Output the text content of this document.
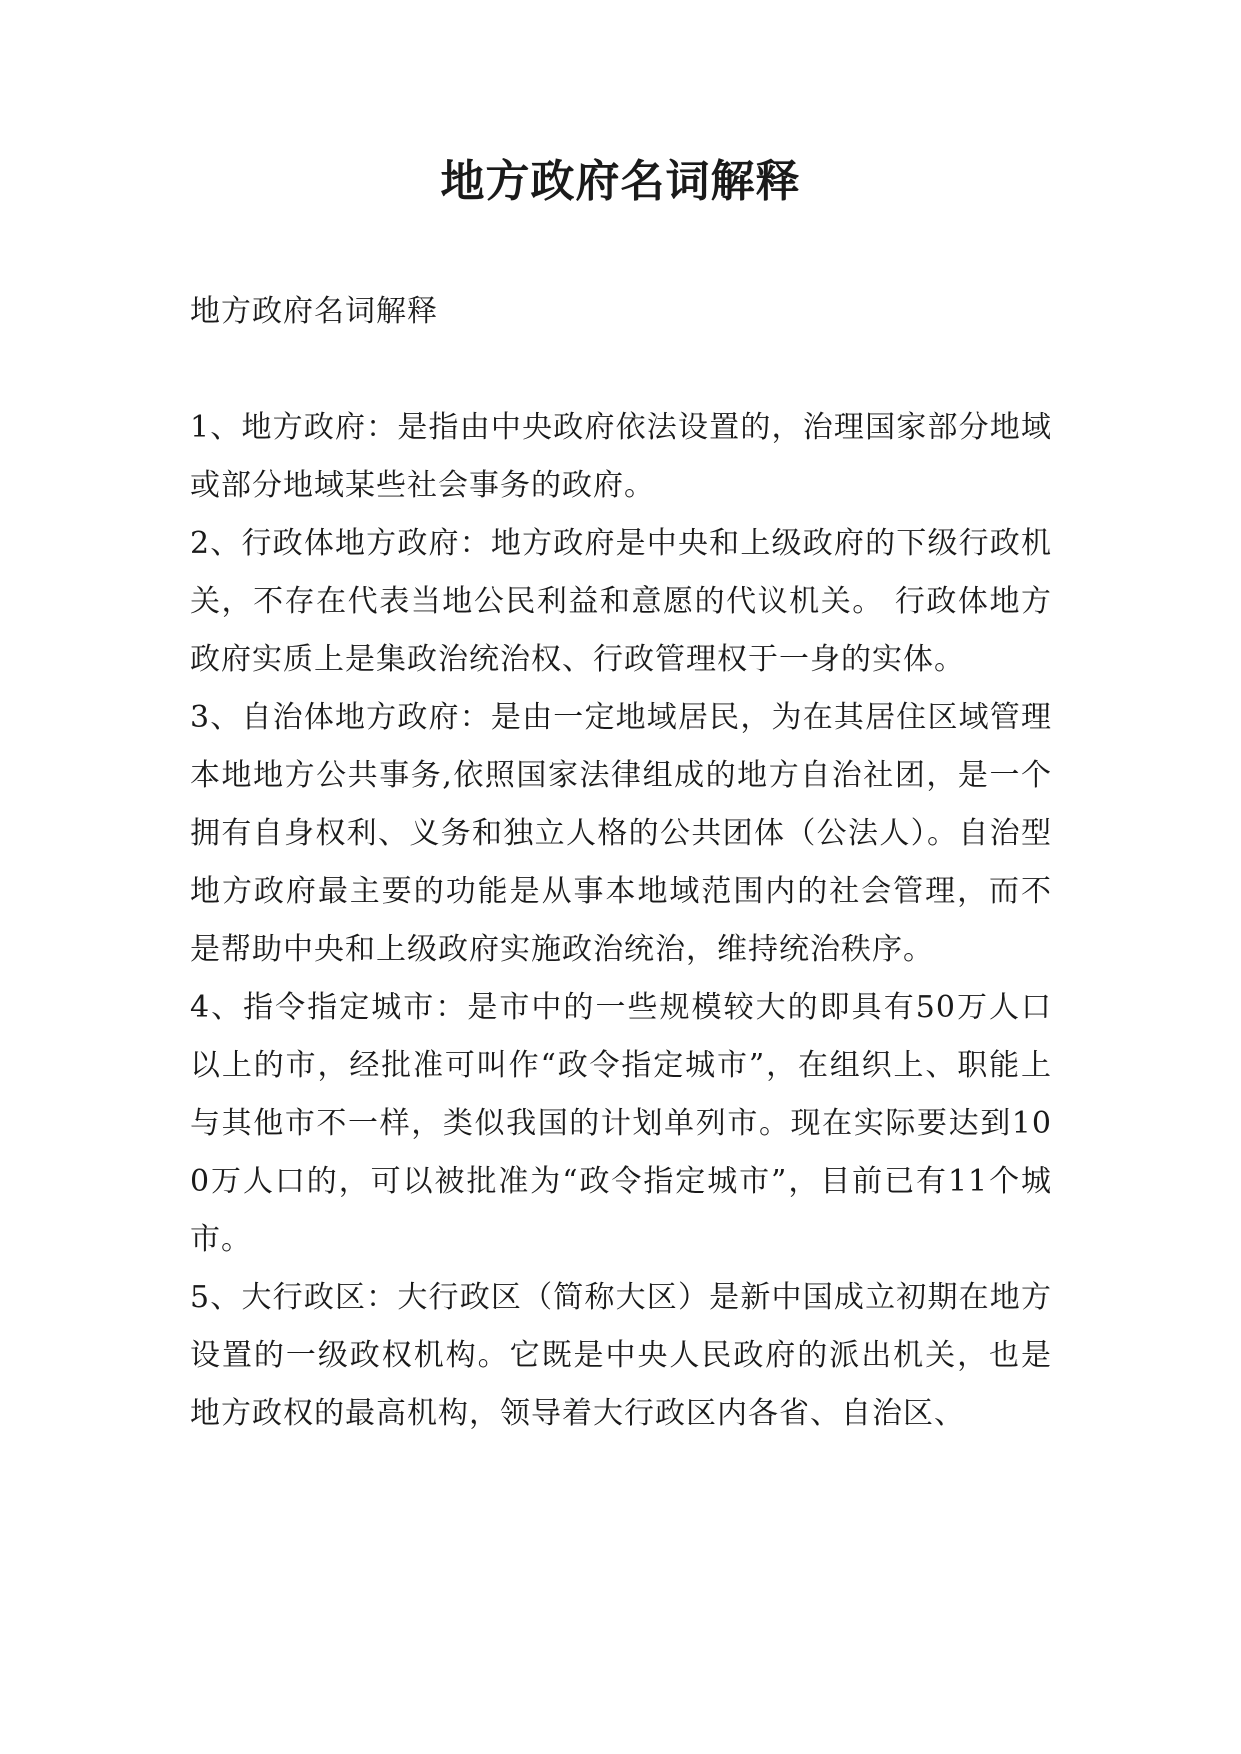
地方政府名词解释

地方政府名词解释

1、地方政府：是指由中央政府依法设置的，治理国家部分地域或部分地域某些社会事务的政府。

2、行政体地方政府：地方政府是中央和上级政府的下级行政机关，不存在代表当地公民利益和意愿的代议机关。 行政体地方政府实质上是集政治统治权、行政管理权于一身的实体。

3、自治体地方政府：是由一定地域居民，为在其居住区域管理本地地方公共事务,依照国家法律组成的地方自治社团，是一个拥有自身权利、义务和独立人格的公共团体（公法人）。自治型地方政府最主要的功能是从事本地域范围内的社会管理，而不是帮助中央和上级政府实施政治统治，维持统治秩序。

4、指令指定城市：是市中的一些规模较大的即具有50万人口以上的市，经批准可叫作“政令指定城市”，在组织上、职能上与其他市不一样，类似我国的计划单列市。现在实际要达到100万人口的，可以被批准为“政令指定城市”，目前已有11个城市。

5、大行政区：大行政区（简称大区）是新中国成立初期在地方设置的一级政权机构。它既是中央人民政府的派出机关，也是地方政权的最高机构，领导着大行政区内各省、自治区、
